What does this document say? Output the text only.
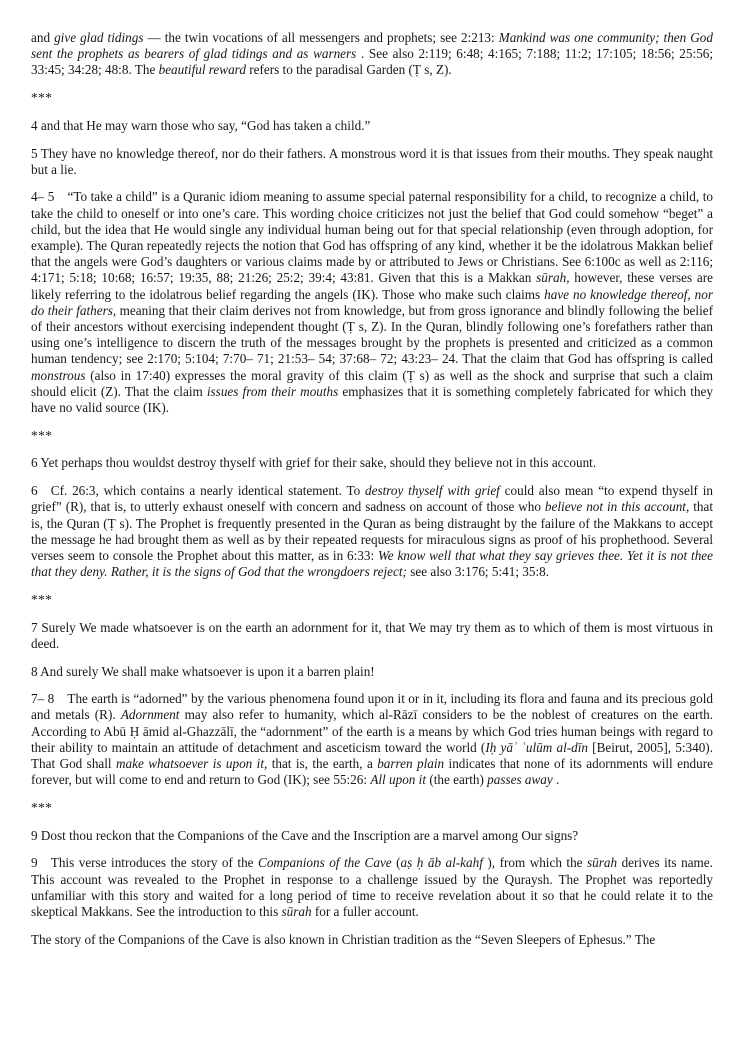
and give glad tidings — the twin vocations of all messengers and prophets; see 2:213: Mankind was one community; then God sent the prophets as bearers of glad tidings and as warners . See also 2:119; 6:48; 4:165; 7:188; 11:2; 17:105; 18:56; 25:56; 33:45; 34:28; 48:8. The beautiful reward refers to the paradisal Garden (Ṭ s, Z).

***

4 and that He may warn those who say, “God has taken a child.”

5 They have no knowledge thereof, nor do their fathers. A monstrous word it is that issues from their mouths. They speak naught but a lie.

4– 5 “To take a child” is a Quranic idiom meaning to assume special paternal responsibility for a child, to recognize a child, to take the child to oneself or into one’s care. This wording choice criticizes not just the belief that God could somehow “beget” a child, but the idea that He would single any individual human being out for that special relationship (even through adoption, for example). The Quran repeatedly rejects the notion that God has offspring of any kind, whether it be the idolatrous Makkan belief that the angels were God’s daughters or various claims made by or attributed to Jews or Christians. See 6:100c as well as 2:116; 4:171; 5:18; 10:68; 16:57; 19:35, 88; 21:26; 25:2; 39:4; 43:81. Given that this is a Makkan sūrah, however, these verses are likely referring to the idolatrous belief regarding the angels (IK). Those who make such claims have no knowledge thereof, nor do their fathers, meaning that their claim derives not from knowledge, but from gross ignorance and blindly following the belief of their ancestors without exercising independent thought (Ṭ s, Z). In the Quran, blindly following one’s forefathers rather than using one’s intelligence to discern the truth of the messages brought by the prophets is presented and criticized as a common human tendency; see 2:170; 5:104; 7:70– 71; 21:53– 54; 37:68– 72; 43:23– 24. That the claim that God has offspring is called monstrous (also in 17:40) expresses the moral gravity of this claim (Ṭ s) as well as the shock and surprise that such a claim should elicit (Z). That the claim issues from their mouths emphasizes that it is something completely fabricated for which they have no valid source (IK).

***

6 Yet perhaps thou wouldst destroy thyself with grief for their sake, should they believe not in this account.

6 Cf. 26:3, which contains a nearly identical statement. To destroy thyself with grief could also mean “to expend thyself in grief” (R), that is, to utterly exhaust oneself with concern and sadness on account of those who believe not in this account, that is, the Quran (Ṭ s). The Prophet is frequently presented in the Quran as being distraught by the failure of the Makkans to accept the message he had brought them as well as by their repeated requests for miraculous signs as proof of his prophethood. Several verses seem to console the Prophet about this matter, as in 6:33: We know well that what they say grieves thee. Yet it is not thee that they deny. Rather, it is the signs of God that the wrongdoers reject; see also 3:176; 5:41; 35:8.

***

7 Surely We made whatsoever is on the earth an adornment for it, that We may try them as to which of them is most virtuous in deed.

8 And surely We shall make whatsoever is upon it a barren plain!

7– 8 The earth is “adorned” by the various phenomena found upon it or in it, including its flora and fauna and its precious gold and metals (R). Adornment may also refer to humanity, which al-Rāzī considers to be the noblest of creatures on the earth. According to Abū Ḥ āmid al-Ghazzālī, the “adornment” of the earth is a means by which God tries human beings with regard to their ability to maintain an attitude of detachment and asceticism toward the world (Iḥ yāʾ ʿulūm al-dīn [Beirut, 2005], 5:340). That God shall make whatsoever is upon it, that is, the earth, a barren plain indicates that none of its adornments will endure forever, but will come to end and return to God (IK); see 55:26: All upon it (the earth) passes away .

***

9 Dost thou reckon that the Companions of the Cave and the Inscription are a marvel among Our signs?

9 This verse introduces the story of the Companions of the Cave (aṣ ḥ āb al-kahf ), from which the sūrah derives its name. This account was revealed to the Prophet in response to a challenge issued by the Quraysh. The Prophet was reportedly unfamiliar with this story and waited for a long period of time to receive revelation about it so that he could relate it to the skeptical Makkans. See the introduction to this sūrah for a fuller account.

The story of the Companions of the Cave is also known in Christian tradition as the “Seven Sleepers of Ephesus.” The
